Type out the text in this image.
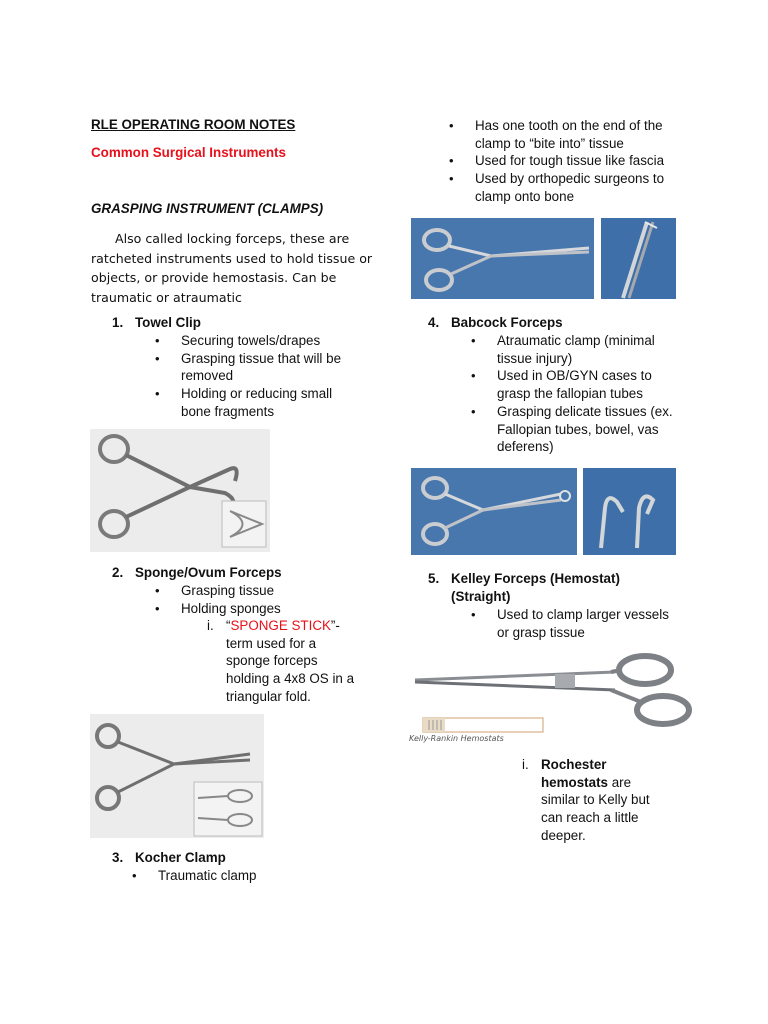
RLE OPERATING ROOM NOTES
Common Surgical Instruments
GRASPING INSTRUMENT (CLAMPS)
Also called locking forceps, these are
ratcheted instruments used to hold tissue or
objects, or provide hemostasis. Can be
traumatic or atraumatic
1. Towel Clip
• Securing towels/drapes
• Grasping tissue that will be
removed
• Holding or reducing small
bone fragments
2. Sponge/Ovum Forceps
• Grasping tissue
• Holding sponges
i. “SPONGE STICK”-
term used for a
sponge forceps
holding a 4x8 OS in a
triangular fold.
3. Kocher Clamp
• Traumatic clamp
• Has one tooth on the end of the
clamp to “bite into” tissue
• Used for tough tissue like fascia
• Used by orthopedic surgeons to
clamp onto bone
4. Babcock Forceps
• Atraumatic clamp (minimal
tissue injury)
• Used in OB/GYN cases to
grasp the fallopian tubes
• Grasping delicate tissues (ex.
Fallopian tubes, bowel, vas
deferens)
5. Kelley Forceps (Hemostat)
(Straight)
• Used to clamp larger vessels
or grasp tissue
Kelly-Rankin Hemostats
i. Rochester
hemostats are
similar to Kelly but
can reach a little
deeper.
